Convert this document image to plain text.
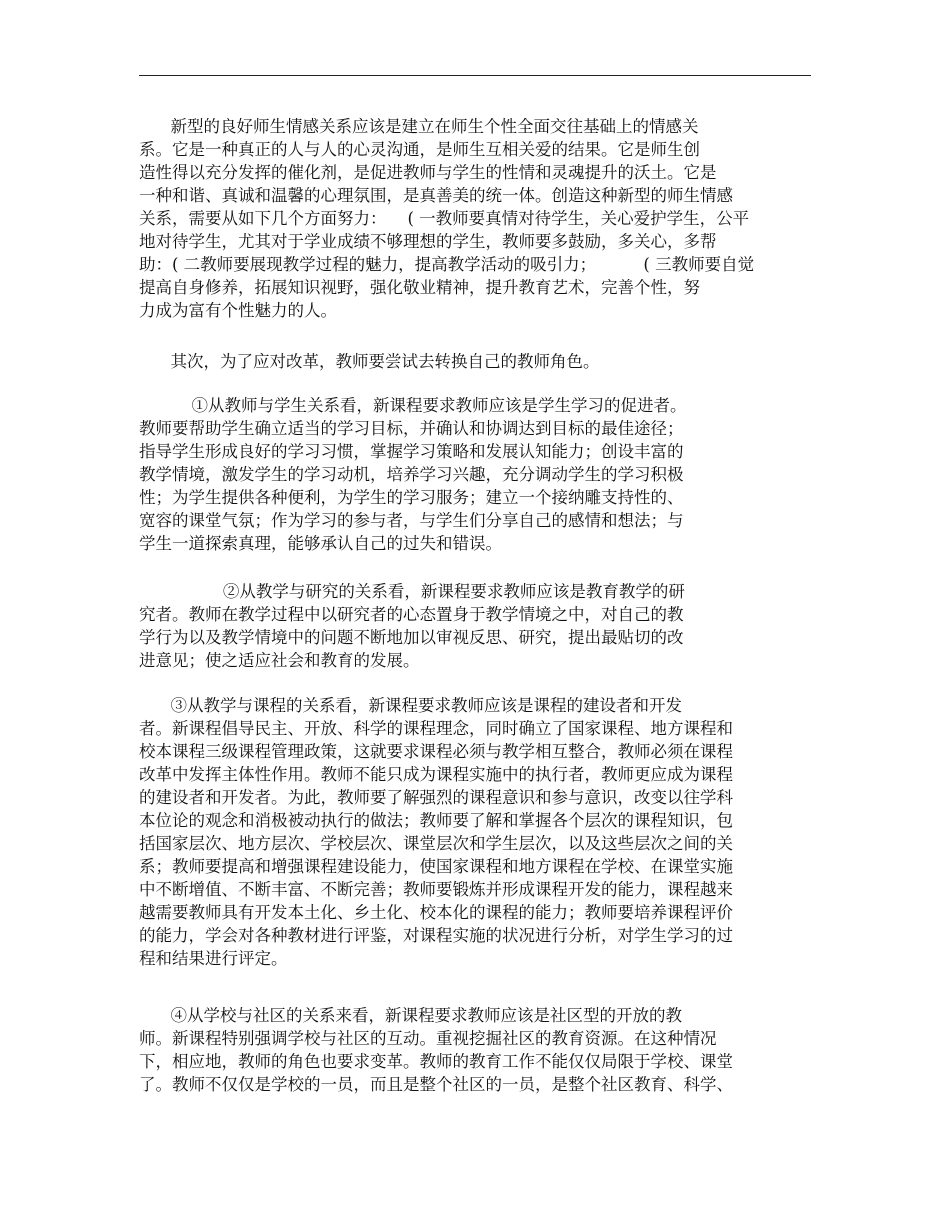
新型的良好师生情感关系应该是建立在师生个性全面交往基础上的情感关
系。它是一种真正的人与人的心灵沟通，是师生互相关爱的结果。它是师生创
造性得以充分发挥的催化剂，是促进教师与学生的性情和灵魂提升的沃土。它是
一种和谐、真诚和温馨的心理氛围，是真善美的统一体。创造这种新型的师生情感
关系，需要从如下几个方面努力：    ( 一教师要真情对待学生，关心爱护学生，公平
地对待学生，尤其对于学业成绩不够理想的学生，教师要多鼓励，多关心，多帮
助：( 二教师要展现教学过程的魅力，提高教学活动的吸引力；         ( 三教师要自觉
提高自身修养，拓展知识视野，强化敬业精神，提升教育艺术，完善个性，努
力成为富有个性魅力的人。
其次，为了应对改革，教师要尝试去转换自己的教师角色。
①从教师与学生关系看，新课程要求教师应该是学生学习的促进者。
教师要帮助学生确立适当的学习目标，并确认和协调达到目标的最佳途径；
指导学生形成良好的学习习惯，掌握学习策略和发展认知能力；创设丰富的
教学情境，激发学生的学习动机，培养学习兴趣，充分调动学生的学习积极
性；为学生提供各种便利，为学生的学习服务；建立一个接纳雕支持性的、
宽容的课堂气氛；作为学习的参与者，与学生们分享自己的感情和想法；与
学生一道探索真理，能够承认自己的过失和错误。
②从教学与研究的关系看，新课程要求教师应该是教育教学的研
究者。教师在教学过程中以研究者的心态置身于教学情境之中，对自己的教
学行为以及教学情境中的问题不断地加以审视反思、研究，提出最贴切的改
进意见；使之适应社会和教育的发展。
③从教学与课程的关系看，新课程要求教师应该是课程的建设者和开发
者。新课程倡导民主、开放、科学的课程理念，同时确立了国家课程、地方课程和
校本课程三级课程管理政策，这就要求课程必须与教学相互整合，教师必须在课程
改革中发挥主体性作用。教师不能只成为课程实施中的执行者，教师更应成为课程
的建设者和开发者。为此，教师要了解强烈的课程意识和参与意识，改变以往学科
本位论的观念和消极被动执行的做法；教师要了解和掌握各个层次的课程知识，包
括国家层次、地方层次、学校层次、课堂层次和学生层次，以及这些层次之间的关
系；教师要提高和增强课程建设能力，使国家课程和地方课程在学校、在课堂实施
中不断增值、不断丰富、不断完善；教师要锻炼并形成课程开发的能力，课程越来
越需要教师具有开发本土化、乡土化、校本化的课程的能力；教师要培养课程评价
的能力，学会对各种教材进行评鉴，对课程实施的状况进行分析，对学生学习的过
程和结果进行评定。
④从学校与社区的关系来看，新课程要求教师应该是社区型的开放的教
师。新课程特别强调学校与社区的互动。重视挖掘社区的教育资源。在这种情况
下，相应地，教师的角色也要求变革。教师的教育工作不能仅仅局限于学校、课堂
了。教师不仅仅是学校的一员，而且是整个社区的一员，是整个社区教育、科学、
